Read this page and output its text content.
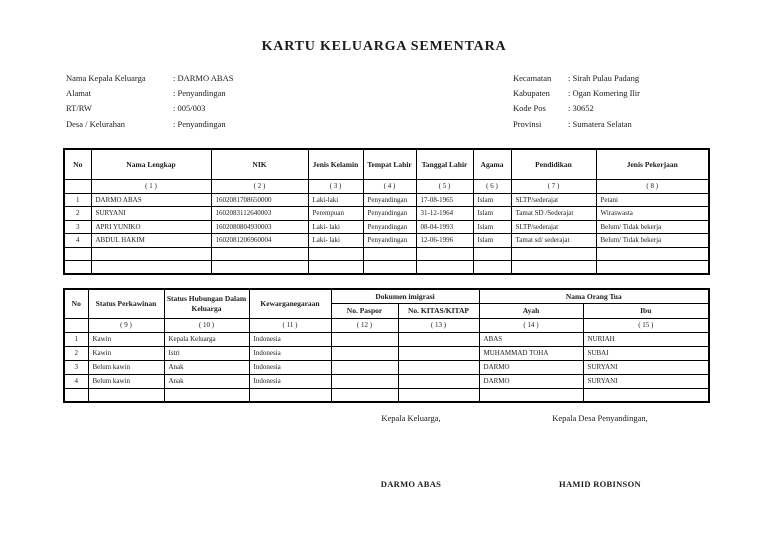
KARTU KELUARGA SEMENTARA
Nama Kepala Keluarga	: DARMO ABAS
Alamat	: Penyandingan
RT/RW	: 005/003
Desa / Kelurahan	: Penyandingan
Kecamatan	: Sirah Pulau Padang
Kabupaten	: Ogan Komering Ilir
Kode Pos	: 30652
Provinsi	: Sumatera Selatan
No	Nama Lengkap	NIK	Jenis Kelamin	Tempat Lahir	Tanggal Lahir	Agama	Pendidikan	Jenis Pekerjaan
	( 1 )	( 2 )	( 3 )	( 4 )	( 5 )	( 6 )	( 7 )	( 8 )
1	DARMO ABAS	1602081708650000	Laki-laki	Penyandingan	17-08-1965	Islam	SLTP/sederajat	Petani
2	SURYANI	1602083112640003	Perempuan	Penyandingan	31-12-1964	Islam	Tamat SD /Sederajat	Wiraswasta
3	APRI YUNIKO	1602080804930003	Laki- laki	Penyandingan	08-04-1993	Islam	SLTP/sederajat	Belum/ Tidak bekerja
4	ABDUL HAKIM	1602081206960004	Laki- laki	Penyandingan	12-06-1996	Islam	Tamat sd/ sederajat	Belum/ Tidak bekerja

No	Status Perkawinan	Status Hubungan Dalam Keluarga	Kewarganegaraan	Dokumen imigrasi		Nama Orang Tua	
				No. Paspor	No. KITAS/KITAP	Ayah	Ibu
	( 9 )	( 10 )	( 11 )	( 12 )	( 13 )	( 14 )	( 15 )
1	Kawin	Kepala Keluarga	Indonesia			ABAS	NURIAH
2	Kawin	Istri	Indonesia			MUHAMMAD TOHA	SUBAI
3	Belum kawin	Anak	Indonesia			DARMO	SURYANI
4	Belum kawin	Anak	Indonesia			DARMO	SURYANI

Kepala Keluarga,
DARMO ABAS
Kepala Desa Penyandingan,
HAMID ROBINSON
